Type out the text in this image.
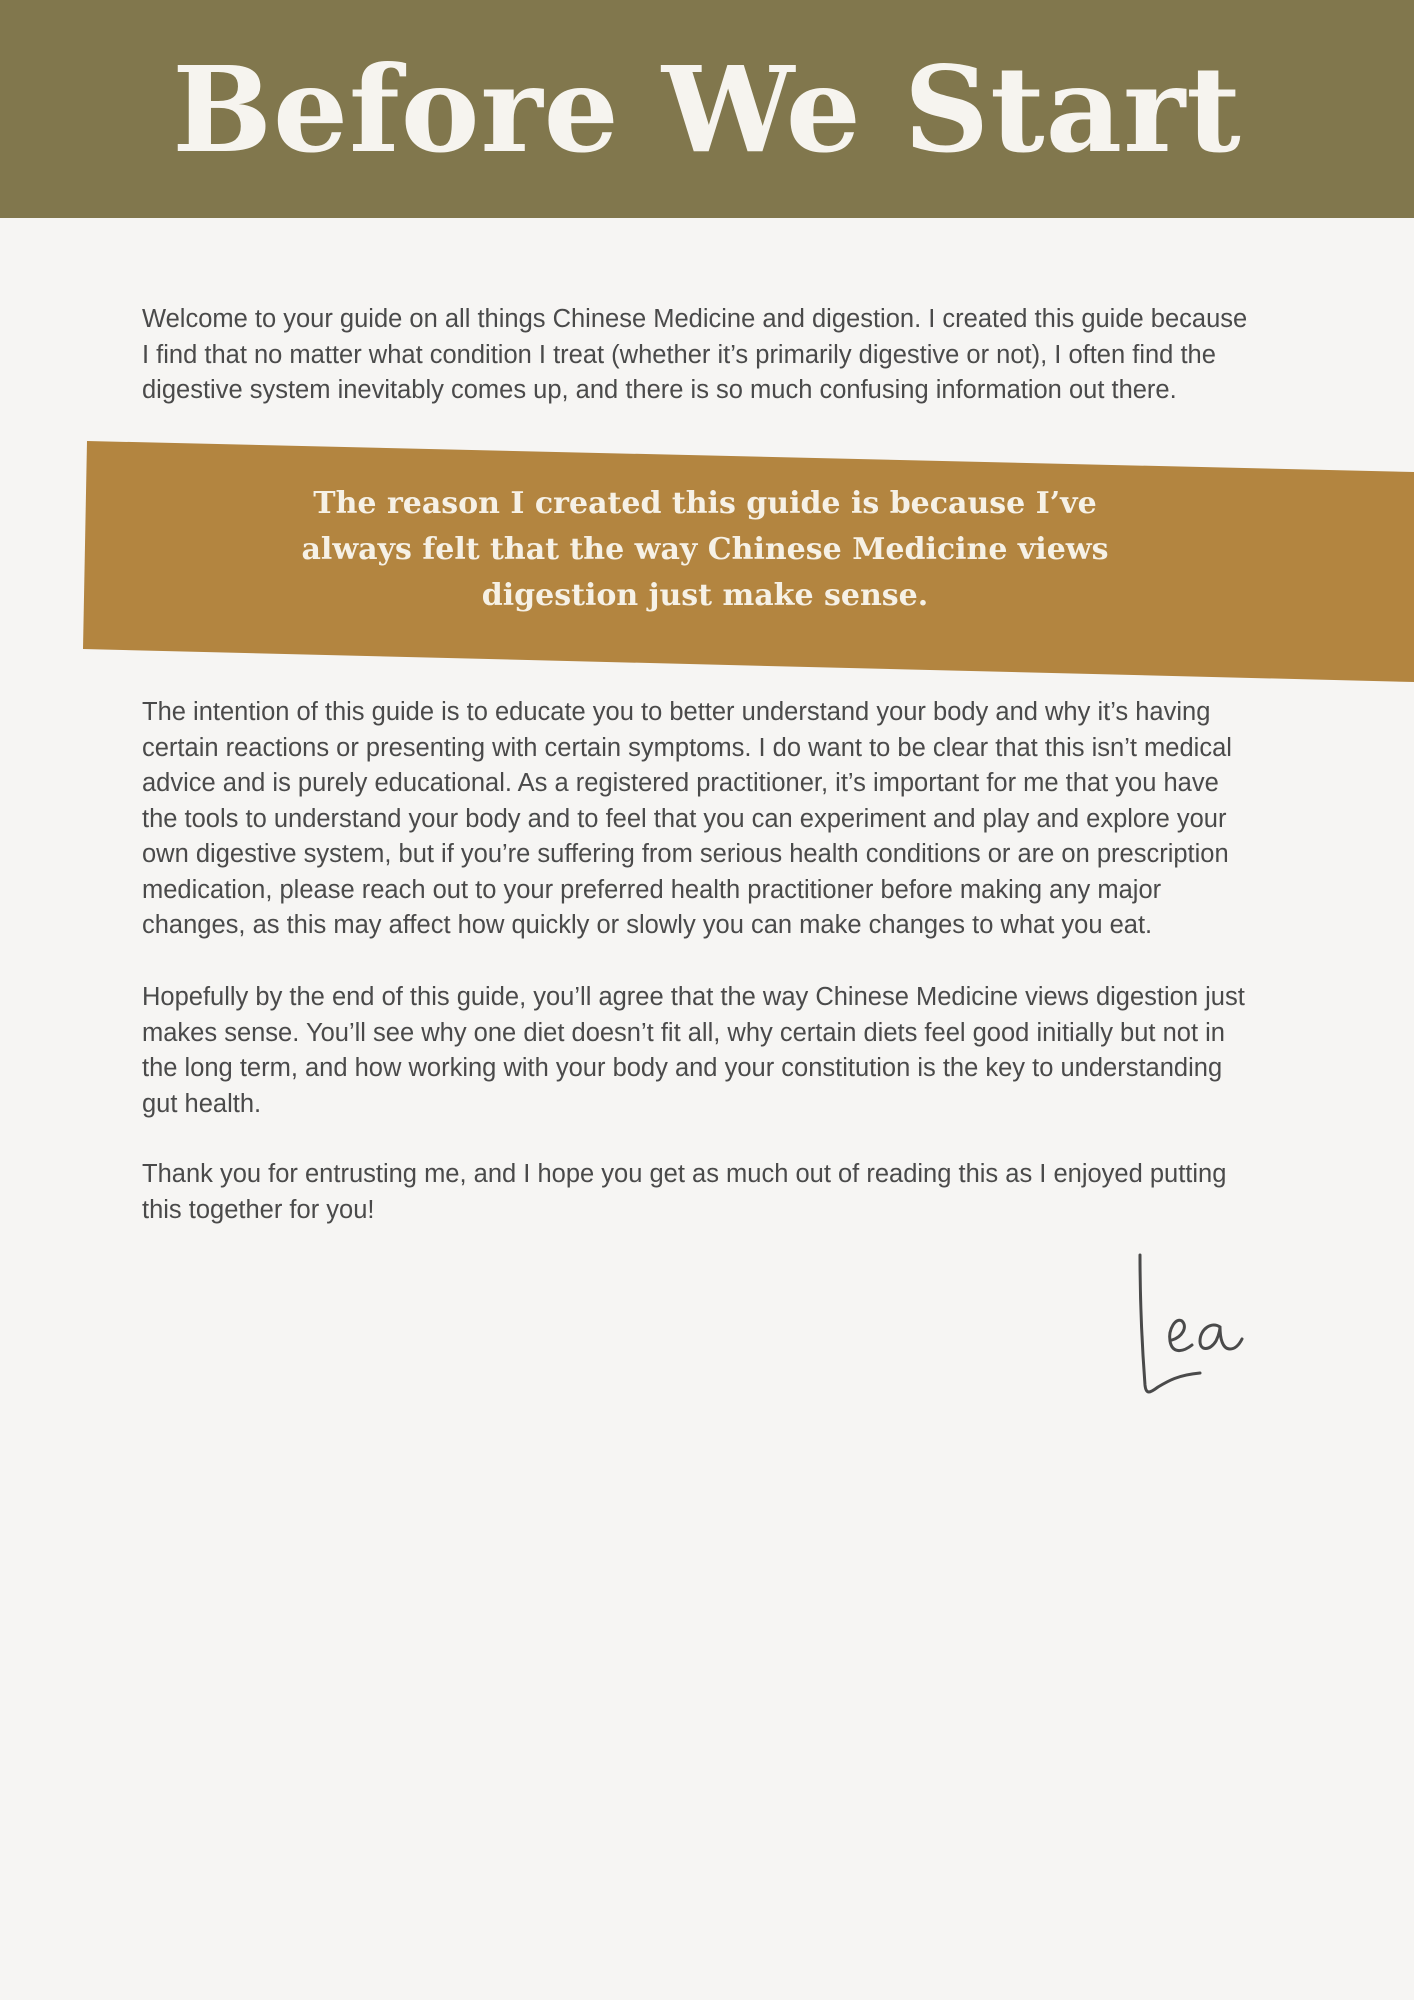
Before We Start

Welcome to your guide on all things Chinese Medicine and digestion. I created this guide because
I find that no matter what condition I treat (whether it’s primarily digestive or not), I often find the
digestive system inevitably comes up, and there is so much confusing information out there.

The reason I created this guide is because I’ve
always felt that the way Chinese Medicine views
digestion just make sense.

The intention of this guide is to educate you to better understand your body and why it’s having
certain reactions or presenting with certain symptoms. I do want to be clear that this isn’t medical
advice and is purely educational. As a registered practitioner, it’s important for me that you have
the tools to understand your body and to feel that you can experiment and play and explore your
own digestive system, but if you’re suffering from serious health conditions or are on prescription
medication, please reach out to your preferred health practitioner before making any major
changes, as this may affect how quickly or slowly you can make changes to what you eat.

Hopefully by the end of this guide, you’ll agree that the way Chinese Medicine views digestion just
makes sense. You’ll see why one diet doesn’t fit all, why certain diets feel good initially but not in
the long term, and how working with your body and your constitution is the key to understanding
gut health.

Thank you for entrusting me, and I hope you get as much out of reading this as I enjoyed putting
this together for you!
